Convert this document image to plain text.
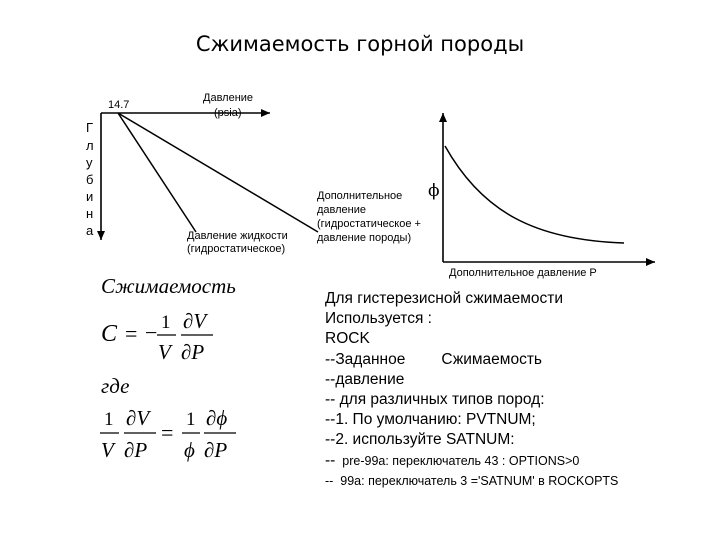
Сжимаемость горной породы
14.7
Давление
(psia)
Г
л
у
б
и
н
а	Давление жидкости
(гидростатическое)
Дополнительное
давление
(гидростатическое +
давление породы)
ϕ
Дополнительное давление P
Сжимаемость
C = − 1
V
∂V
∂P
где
1
V
∂V
∂P
=
1
ϕ
∂ϕ
∂P
Для гистерезисной сжимаемости
Используется :
ROCK
--Заданное Сжимаемость
--давление
-- для различных типов пород:
--1. По умолчанию: PVTNUM;
--2. используйте SATNUM:
-- pre-99a: переключатель 43 : OPTIONS>0
-- 99a: переключатель 3 ='SATNUM' в ROCKOPTS
